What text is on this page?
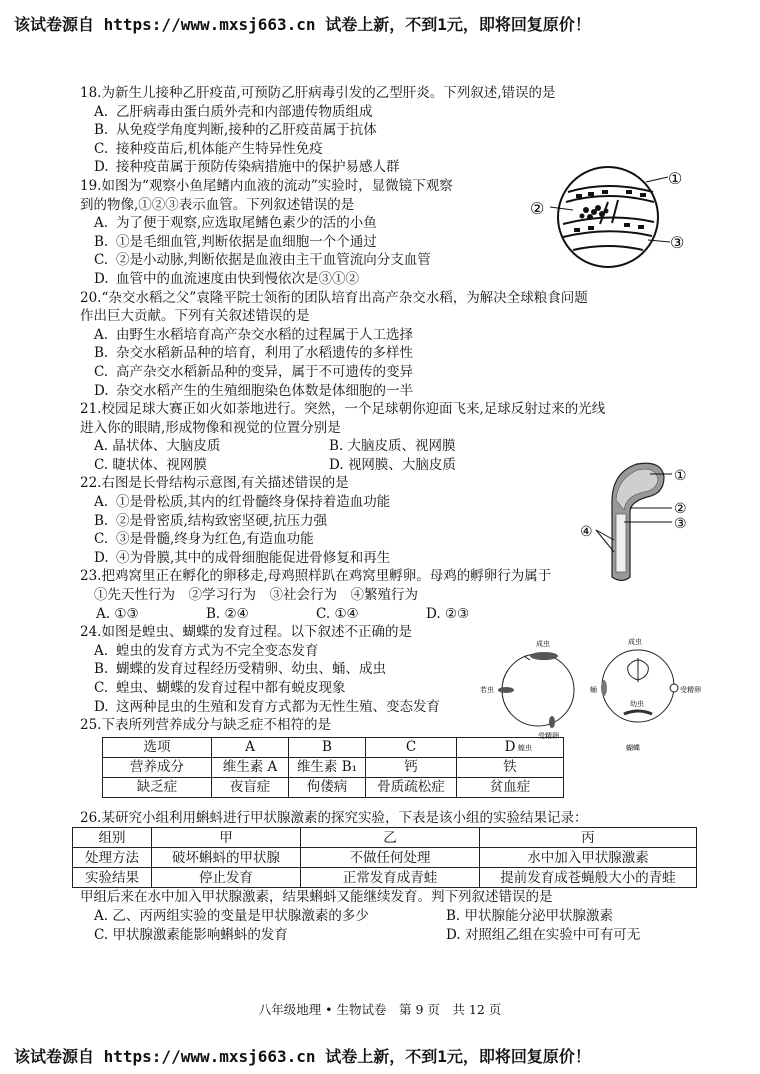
该试卷源自 https://www.mxsj663.cn 试卷上新，不到1元，即将回复原价！

18.为新生儿接种乙肝疫苗,可预防乙肝病毒引发的乙型肝炎。下列叙述,错误的是

A. 乙肝病毒由蛋白质外壳和内部遗传物质组成

B. 从免疫学角度判断,接种的乙肝疫苗属于抗体

C. 接种疫苗后,机体能产生特异性免疫

D. 接种疫苗属于预防传染病措施中的保护易感人群

19.如图为“观察小鱼尾鳍内血液的流动”实验时，显微镜下观察

到的物像,①②③表示血管。下列叙述错误的是

A. 为了便于观察,应选取尾鳍色素少的活的小鱼

B. ①是毛细血管,判断依据是血细胞一个个通过

C. ②是小动脉,判断依据是血液由主干血管流向分支血管

D. 血管中的血流速度由快到慢依次是③①②

20.“杂交水稻之父”袁隆平院士领衔的团队培育出高产杂交水稻，为解决全球粮食问题

作出巨大贡献。下列有关叙述错误的是

A. 由野生水稻培育高产杂交水稻的过程属于人工选择

B. 杂交水稻新品种的培育，利用了水稻遗传的多样性

C. 高产杂交水稻新品种的变异，属于不可遗传的变异

D. 杂交水稻产生的生殖细胞染色体数是体细胞的一半

21.校园足球大赛正如火如荼地进行。突然，一个足球朝你迎面飞来,足球反射过来的光线

进入你的眼睛,形成物像和视觉的位置分别是

A. 晶状体、大脑皮质	B. 大脑皮质、视网膜
C. 睫状体、视网膜	D. 视网膜、大脑皮质

22.右图是长骨结构示意图,有关描述错误的是

A. ①是骨松质,其内的红骨髓终身保持着造血功能

B. ②是骨密质,结构致密坚硬,抗压力强

C. ③是骨髓,终身为红色,有造血功能

D. ④为骨膜,其中的成骨细胞能促进骨修复和再生

23.把鸡窝里正在孵化的卵移走,母鸡照样趴在鸡窝里孵卵。母鸡的孵卵行为属于

①先天性行为　②学习行为　③社会行为　④繁殖行为

A. ①③	B. ②④	C. ①④	D. ②③

24.如图是蝗虫、蝴蝶的发育过程。以下叙述不正确的是

A. 蝗虫的发育方式为不完全变态发育

B. 蝴蝶的发育过程经历受精卵、幼虫、蛹、成虫

C. 蝗虫、蝴蝶的发育过程中都有蜕皮现象

D. 这两种昆虫的生殖和发育方式都为无性生殖、变态发育

25.下表所列营养成分与缺乏症不相符的是

选项	A	B	C	D
营养成分	维生素 A	维生素 B₁	钙	铁
缺乏症	夜盲症	佝偻病	骨质疏松症	贫血症

26.某研究小组利用蝌蚪进行甲状腺激素的探究实验，下表是该小组的实验结果记录：

组别	甲	乙	丙
处理方法	破坏蝌蚪的甲状腺	不做任何处理	水中加入甲状腺激素
实验结果	停止发育	正常发育成青蛙	提前发育成苍蝇般大小的青蛙

甲组后来在水中加入甲状腺激素，结果蝌蚪又能继续发育。判下列叙述错误的是

A. 乙、丙两组实验的变量是甲状腺激素的多少	B. 甲状腺能分泌甲状腺激素
C. 甲状腺激素能影响蝌蚪的发育	D. 对照组乙组在实验中可有可无
①
②
③
①
②
③
④
成虫
若虫
受精卵
蝗虫
成虫
蛹	受精卵
幼虫
蝴蝶
八年级地理 • 生物试卷　第 9 页　共 12 页
该试卷源自 https://www.mxsj663.cn 试卷上新，不到1元，即将回复原价！
